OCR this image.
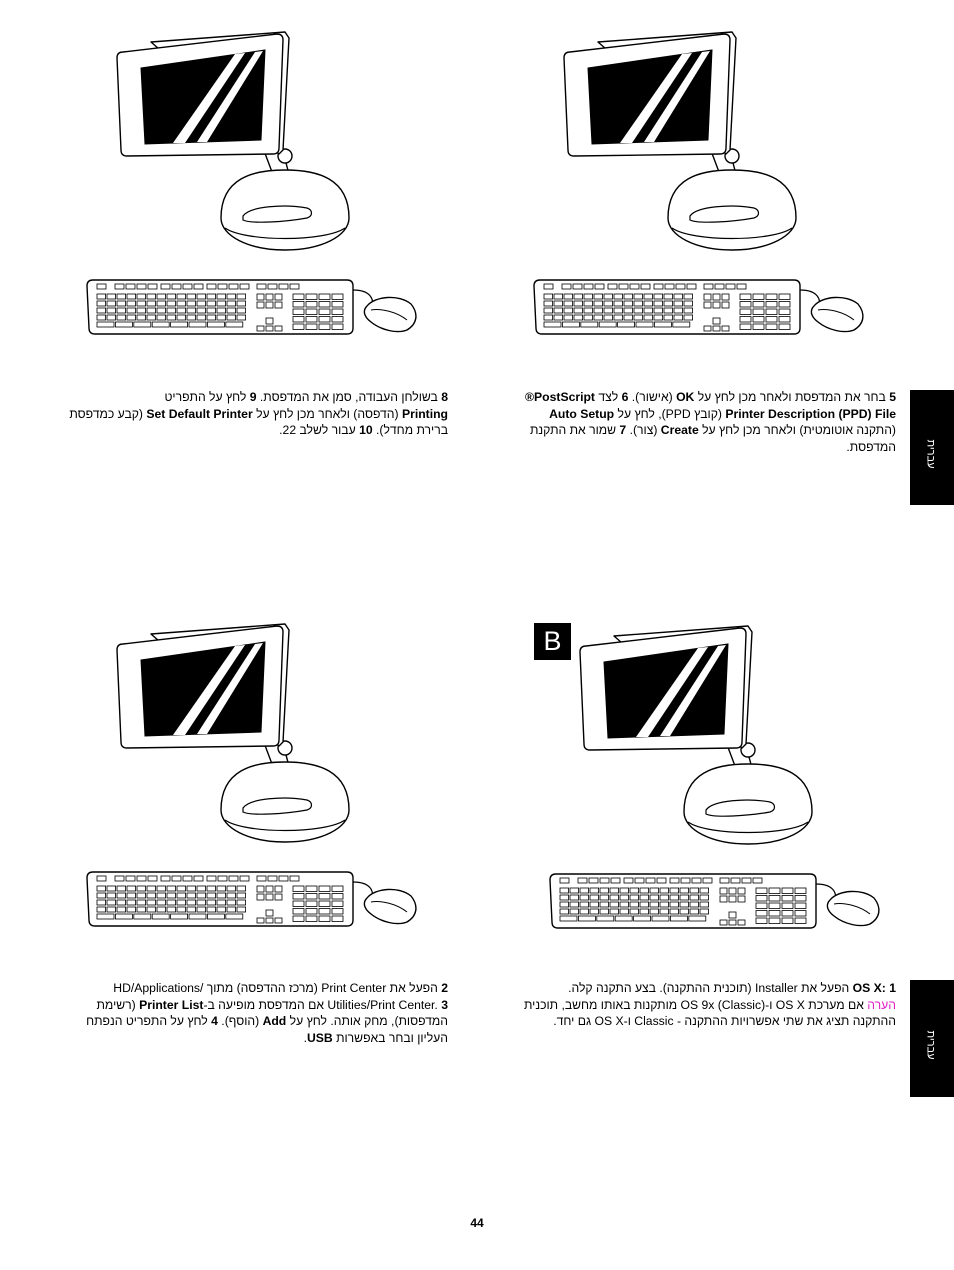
B
עברית
עברית
5 בחר את המדפסת ולאחר מכן לחץ על OK (אישור). 6 לצד PostScript®
Printer Description (PPD) File (קובץ PPD), לחץ על Auto Setup
(התקנה אוטומטית) ולאחר מכן לחץ על Create (צור). 7 שמור את התקנת
המדפסת.
8 בשולחן העבודה, סמן את המדפסת. 9 לחץ על התפריט
Printing (הדפסה) ולאחר מכן לחץ על Set Default Printer (קבע כמדפסת
ברירת מחדל). 10 עבור לשלב 22.
OS X: 1 הפעל את Installer (תוכנית ההתקנה). בצע התקנה קלה.
הערה אם מערכת OS X ו-OS 9x (Classic) מותקנות באותו מחשב, תוכנית
ההתקנה תציג את שתי אפשרויות ההתקנה - Classic ו-OS X גם יחד.
2 הפעל את Print Center (מרכז ההדפסה) מתוך /HD/Applications
Utilities/Print Center. 3 אם המדפסת מופיעה ב-Printer List (רשימת
המדפסות), מחק אותה. לחץ על Add (הוסף). 4 לחץ על התפריט הנפתח
העליון ובחר באפשרות USB.
44
